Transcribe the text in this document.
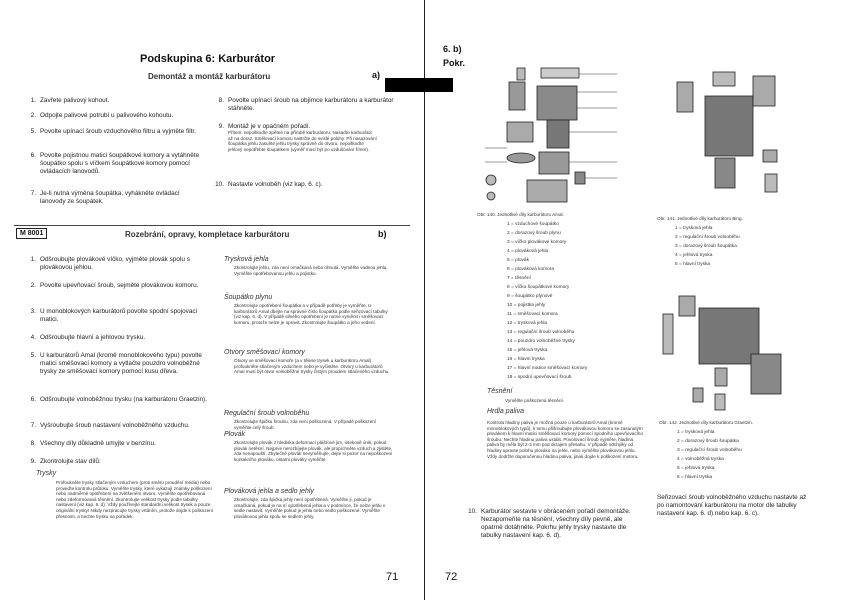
Podskupina 6: Karburátor
Demontáž a montáž karburátoru	a)
1. Zavřete palivový kohout.
2. Odpojte palivové potrubí u palivového kohoutu.
5. Povolte upínací šroub vzduchového filtru a vyjměte filtr.
6. Povolte pojistnou matici šoupátkové komory a vytáhněte šoupátko spolu s víčkem šoupátkové komory pomocí ovládacích lanovodů.
7. Je-li nutná výměna šoupátka, vyhákněte ovládací lanovody ze šoupátek.
8. Povolte upínací šroub na objímce karburátoru a karburátor stáhněte.
9. Montáž je v opačném pořadí.
10. Nastavte volnoběh (viz kap. 6. c).
Přitom: nepoškoďte zpětné na přírubě karburátoru. Nasaďte karburátor až na doraz. Smělovací komoru nastrčte do svislé polohy. Při nasazování šoupátka jehlu zasuňte jehlu trysky správně do otvoru, nepoškoďte jehlový nepotřebte šoupátkem (výměř musí být po uzdušování řírem).
M 8001	Rozebrání, opravy, kompletace karburátoru	b)
1. Odšroubujte plovákové víčko, vyjměte plovák spolu s plovákovou jehlou.
2. Povolte upevňovací šroub, sejměte plovákovou komoru.
3. U monoblokových karburátorů povolte spodní spojovací matici.
4. Odšroubujte hlavní a jehlovou trysku.
5. U karburátorů Amal (kromě monoblokového typu) povolte matici směšovací komory a vytlačte pouzdro volnoběžné trysky ze směšovací komory pomocí kusu dřeva.
6. Odšroubujte volnoběžnou trysku (na karburátoru Graetzin).
7. Vyšroubujte šroub nastavení volnoběžného vzduchu.
8. Všechny díly důkladně umyjte v benzínu.
9. Zkontrolujte stav dílů:
Trysky
Profoukněte trysky stlačeným vzduchem (proti směru proudění média) nebo proveďte kontrolu průtoku. Vyměňte trysky, které vykazují známky poškození nebo nadměrné opotřebení na zvětšeném otvoru. Vyměňte opotřebovaná nebo zdeformovaná těsnění. Zkontrolujte velikost trysky podle tabulky nastavení (viz kap. 6. d). Vždy používejte standardní velikost trysek a pouze originální trysky! Nikdy nezpracujte trysky vrtáním, protože dojde k poškození přesnosti, a nechte trysku na pořádek.
Trysková jehla
Zkontrolujte jehlu, zda není omačkaná nebo ohnutá. Vyměňte vadnou jehlu. Vyměňte opotřebovanou jehlu a pojistku.
Šoupátko plynu
Zkontrolujte opotřebení šoupátka a v případě potřeby je vyměňte. U karburátorů Amal dbejte na správné číslo šoupátka podle seřizovací tabulky (viz kap. 6. d). V případě silného opotřebení je nutné vyměnit i směšovací komoru, protože nelze je opravit. Zkontrolujte šoupátko a jeho vedení.
Otvory směšovací komory
Otvory ve směšovací komoře (a v tělese trysek u karburátoru Amal) profoukněte stlačeným vzduchem nebo je vyčistěte. Otvory u karburátorů Amal musí být otvor volnoběžné trysky čistým proudem stlačeného vzduchu.
Regulační šroub volnoběhu
Zkontrolujte špičku šroubu, zda není poškozená. V případě poškození vyměňte celý šroub.
Plovák
Zkontrolujte plovák z hlediska deformací plášťové jim, úsekově únik, pokud plovák netěsní. Nejprve nerozbíjejte plovák, ale propíchněte vzduch a zjistěte, zda nenapouští. Zbytečně plovák nevyměňujte, dejte si pozor na nepoškození kontakního plováku, ostatní plováky vyměňte.
Plováková jehla a sedlo jehly
Zkontrolujte, zda špička jehly není opotřebená. Vyměňte ji, pokud je omačkaná, pokud je na ní opotřebená jehla a v podmínce, že nelze jehlu v sedle nastavit. Vyměňte pokud je jehla nebo sedlo poškozené. Vyměňte plovákovou jehlu spolu se sedlem jehly.
71
6. b)
Pokr.
Obr. 140. Jednotlivé díly karburátoru Amal.
1 = vzduchové šoupátko
2 = dorazový šroub plynu
3 = víčko plovákové komory
4 = plováková jehla
5 = plovák
6 = plováková komora
7 = těsnění
8 = víčko šoupátkové komory
9 = šoupátko plynové
10 = pojistka jehly
11 = směšovací komora
12 = trysková jehla
13 = regulační šroub volnoběhu
14 = pouzdro volnoběžné trysky
15 = jehlová tryska
16 = hlavní tryska
17 = hlavní matice směšovací komory
18 = spodní upevňovací šroub
Obr. 141. Jednotlivé díly karburátoru Bing.
1 = trysková jehla
2 = regulační šroub volnoběhu
3 = dorazový šroub šoupátka
4 = jehlová tryska
5 = hlavní tryska
Obr. 142. Jednotlivé díly karburátoru Graetzin.
1 = trysková jehla
2 = dorazový šroub šoupátka
3 = regulační šroub volnoběhu
4 = volnoběžná tryska
5 = jehlová tryska
6 = hlavní tryska
Těsnění
Vyměňte poškozená těsnění.
Hrdla paliva
Kontrola hladiny paliva je možná pouze u karburátorů Amal (kromě monoblokových typů), k tomu přišroubujte plovákovou komoru se zasunutým plovákem k hlavní matici směšovací komory pomocí spodního upevňovacího šroubu. Nechte hladinu paliva ustálit. Povolovací šroub vyjměte, hladina paliva by měla být 2-3 mm pod okrajem přesahu. V případě odchylky od hladiny upravte polohu plováku na jehle, nebo vyměňte plovákovou jehlu. Vždy dodržte doporučenou hladinu paliva, jinak dojde k poškození motoru.
10. Karburátor sestavte v obráceném pořadí demontáže. Nezapomeňte na těsnění, všechny díly pevně, ale opatrně dotáhněte. Pokrhu jehly trysky nastavte dle tabulky nastavení kap. 6. d).
Seřizovací šroub volnoběžného vzduchu nastavte až po namontování karburátoru na motor dle tabulky nastavení kap. 6. d) nebo kap. 6. c).
72
